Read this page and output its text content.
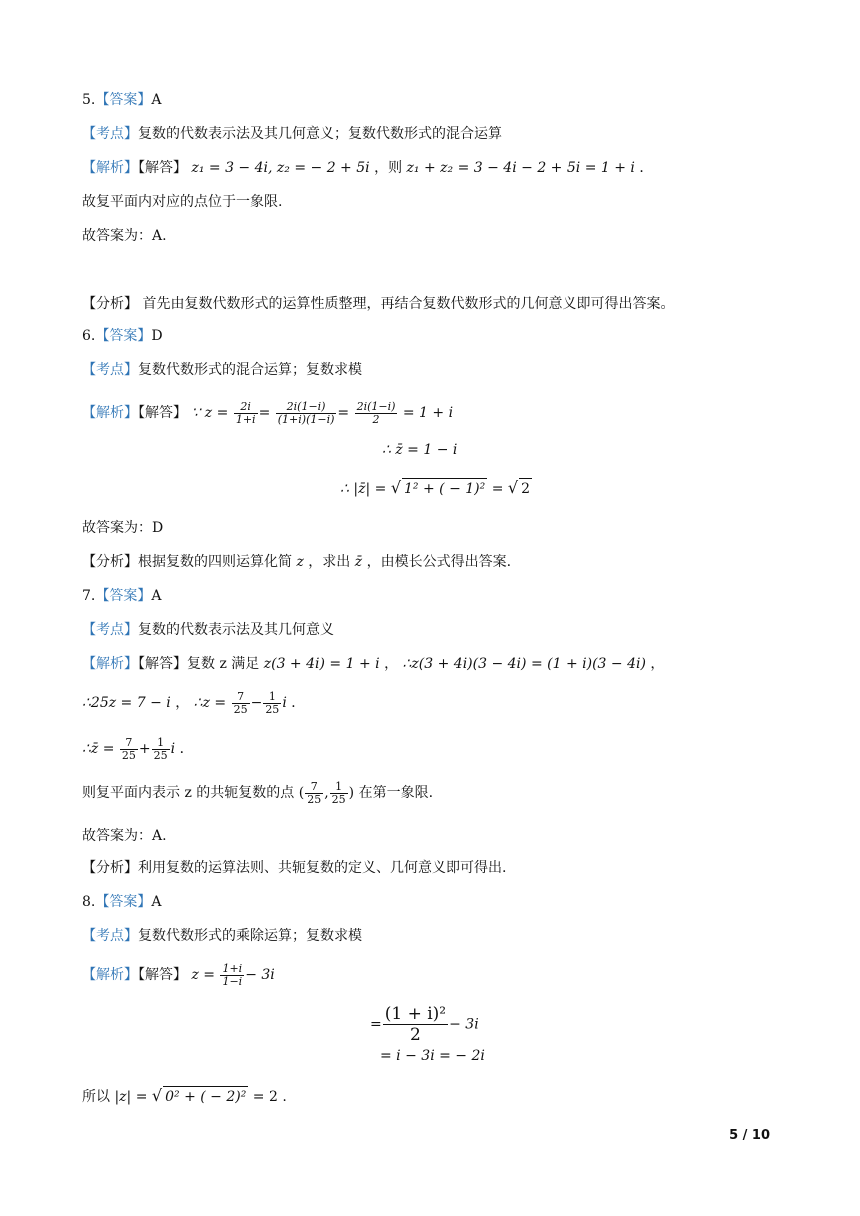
5.【答案】A
【考点】复数的代数表示法及其几何意义；复数代数形式的混合运算
【解析】【解答】 z₁ = 3 − 4i, z₂ = − 2 + 5i ，则 z₁ + z₂ = 3 − 4i − 2 + 5i = 1 + i ．
故复平面内对应的点位于一象限.
故答案为：A.
【分析】 首先由复数代数形式的运算性质整理，再结合复数代数形式的几何意义即可得出答案。
6.【答案】D
【考点】复数代数形式的混合运算；复数求模
【解析】【解答】 ∵ $z = \frac{2i}{1+i} = \frac{2i(1-i)}{(1+i)(1-i)} = \frac{2i(1-i)}{2} = 1 + i$
∴ z̄ = 1 − i
∴ |z̄| = √ 1² + ( − 1)² = √ 2
故答案为：D
【分析】根据复数的四则运算化简 z ，求出 z̄ ，由模长公式得出答案.
7.【答案】A
【考点】复数的代数表示法及其几何意义
【解析】【解答】复数 z 满足 z(3 + 4i) = 1 + i ， ∴z(3 + 4i)(3 − 4i) = (1 + i)(3 − 4i) ，
∴25z = 7 − i ， ∴z = $\frac{7}{25} - \frac{1}{25}$ i ．
∴z̄ = $\frac{7}{25} + \frac{1}{25}$ i ．
则复平面内表示 z 的共轭复数的点 ( $\frac{7}{25}$ , $\frac{1}{25}$ ) 在第一象限.
故答案为：A.
【分析】利用复数的运算法则、共轭复数的定义、几何意义即可得出.
8.【答案】A
【考点】复数代数形式的乘除运算；复数求模
【解析】【解答】 $z = \frac{1+i}{1-i} - 3i$
= $\frac{\text{(1 + i)²}}{2} - 3i$
= i − 3i = − 2i
所以 |z| = √ 0² + ( − 2)² = 2 .
5 / 10
